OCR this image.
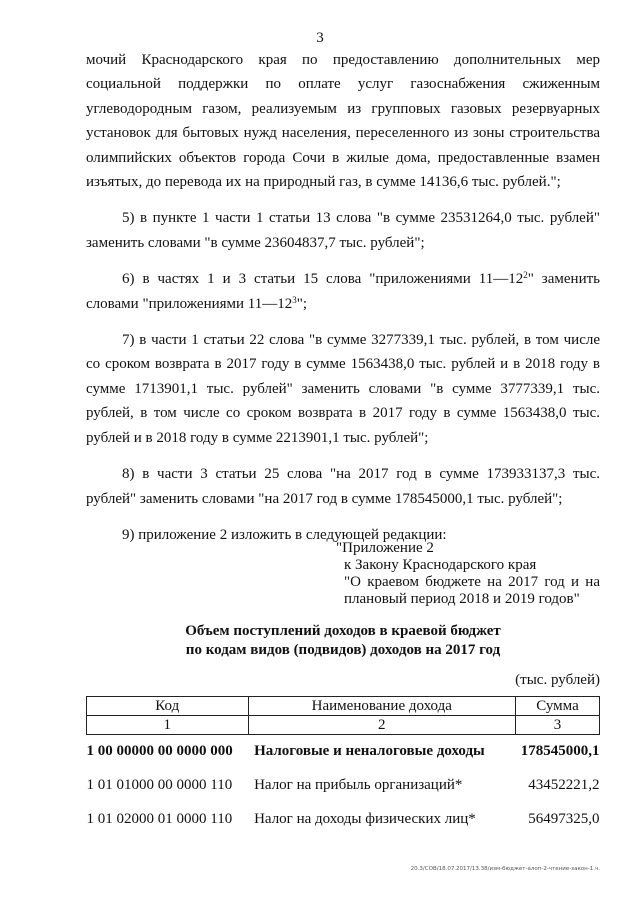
3

мочий Краснодарского края по предоставлению дополнительных мер социальной поддержки по оплате услуг газоснабжения сжиженным углеводородным газом, реализуемым из групповых газовых резервуарных установок для бытовых нужд населения, переселенного из зоны строительства олимпийских объектов города Сочи в жилые дома, предоставленные взамен изъятых, до перевода их на природный газ, в сумме 14136,6 тыс. рублей.";

5) в пункте 1 части 1 статьи 13 слова "в сумме 23531264,0 тыс. рублей" заменить словами "в сумме 23604837,7 тыс. рублей";

6) в частях 1 и 3 статьи 15 слова "приложениями $11—12^2$" заменить словами "приложениями $11—12^3$";

7) в части 1 статьи 22 слова "в сумме 3277339,1 тыс. рублей, в том числе со сроком возврата в 2017 году в сумме 1563438,0 тыс. рублей и в 2018 году в сумме 1713901,1 тыс. рублей" заменить словами "в сумме 3777339,1 тыс. рублей, в том числе со сроком возврата в 2017 году в сумме 1563438,0 тыс. рублей и в 2018 году в сумме 2213901,1 тыс. рублей";

8) в части 3 статьи 25 слова "на 2017 год в сумме 173933137,3 тыс. рублей" заменить словами "на 2017 год в сумме 178545000,1 тыс. рублей";

9) приложение 2 изложить в следующей редакции:

"Приложение 2
к Закону Краснодарского края
"О краевом бюджете на 2017 год и на
плановый период 2018 и 2019 годов"
Объем поступлений доходов в краевой бюджет
по кодам видов (подвидов) доходов на 2017 год
(тыс. рублей)
Код	Наименование дохода	Сумма
1	2	3
1 00 00000 00 0000 000	Налоговые и неналоговые доходы	178545000,1
1 01 01000 00 0000 110	Налог на прибыль организаций*	43452221,2
1 01 02000 01 0000 110	Налог на доходы физических лиц*	56497325,0
20.3/СОВ/18.07.2017/13.38/изм-бюджет-алоп-2-чтение-закон-1.ч.
